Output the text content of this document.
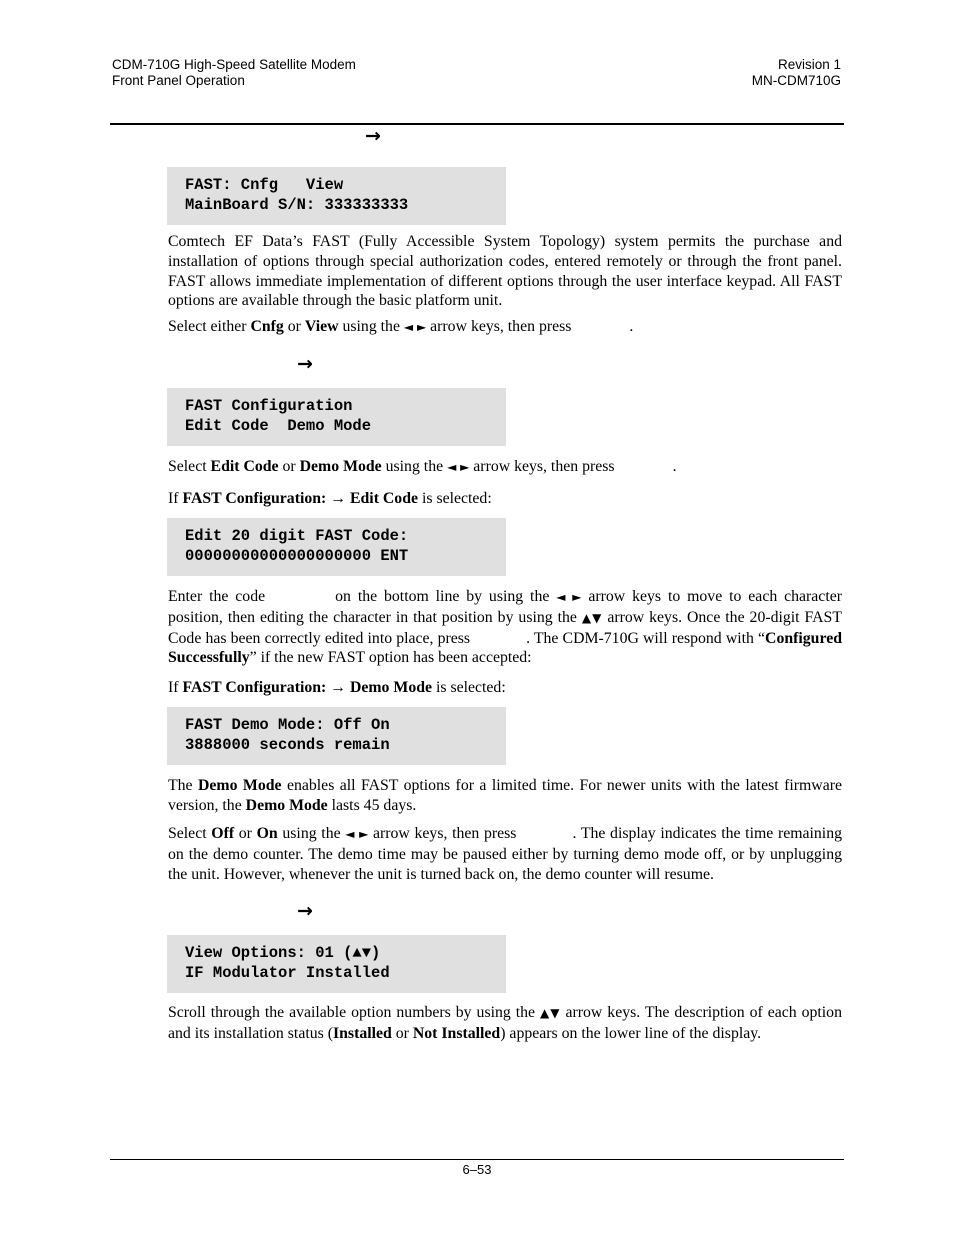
CDM-710G High-Speed Satellite Modem
Front Panel Operation
Revision 1
MN-CDM710G
→
FAST: Cnfg   View
MainBoard S/N: 333333333
Comtech EF Data’s FAST (Fully Accessible System Topology) system permits the purchase and installation of options through special authorization codes, entered remotely or through the front panel. FAST allows immediate implementation of different options through the user interface keypad. All FAST options are available through the basic platform unit.
Select either Cnfg or View using the ◄ ► arrow keys, then press	.
→
FAST Configuration
Edit Code  Demo Mode
Select Edit Code or Demo Mode using the ◄ ► arrow keys, then press	.
If FAST Configuration: → Edit Code is selected:
Edit 20 digit FAST Code:
00000000000000000000 ENT
Enter the code	on the bottom line by using the ◄ ► arrow keys to move to each character position, then editing the character in that position by using the ▲▼ arrow keys. Once the 20-digit FAST Code has been correctly edited into place, press	. The CDM-710G will respond with “Configured Successfully” if the new FAST option has been accepted:
If FAST Configuration: → Demo Mode is selected:
FAST Demo Mode: Off On
3888000 seconds remain
The Demo Mode enables all FAST options for a limited time. For newer units with the latest firmware version, the Demo Mode lasts 45 days.
Select Off or On using the ◄ ► arrow keys, then press	. The display indicates the time remaining on the demo counter. The demo time may be paused either by turning demo mode off, or by unplugging the unit. However, whenever the unit is turned back on, the demo counter will resume.
→
View Options: 01 (▲▼)
IF Modulator Installed
Scroll through the available option numbers by using the ▲▼ arrow keys. The description of each option and its installation status (Installed or Not Installed) appears on the lower line of the display.
6–53
